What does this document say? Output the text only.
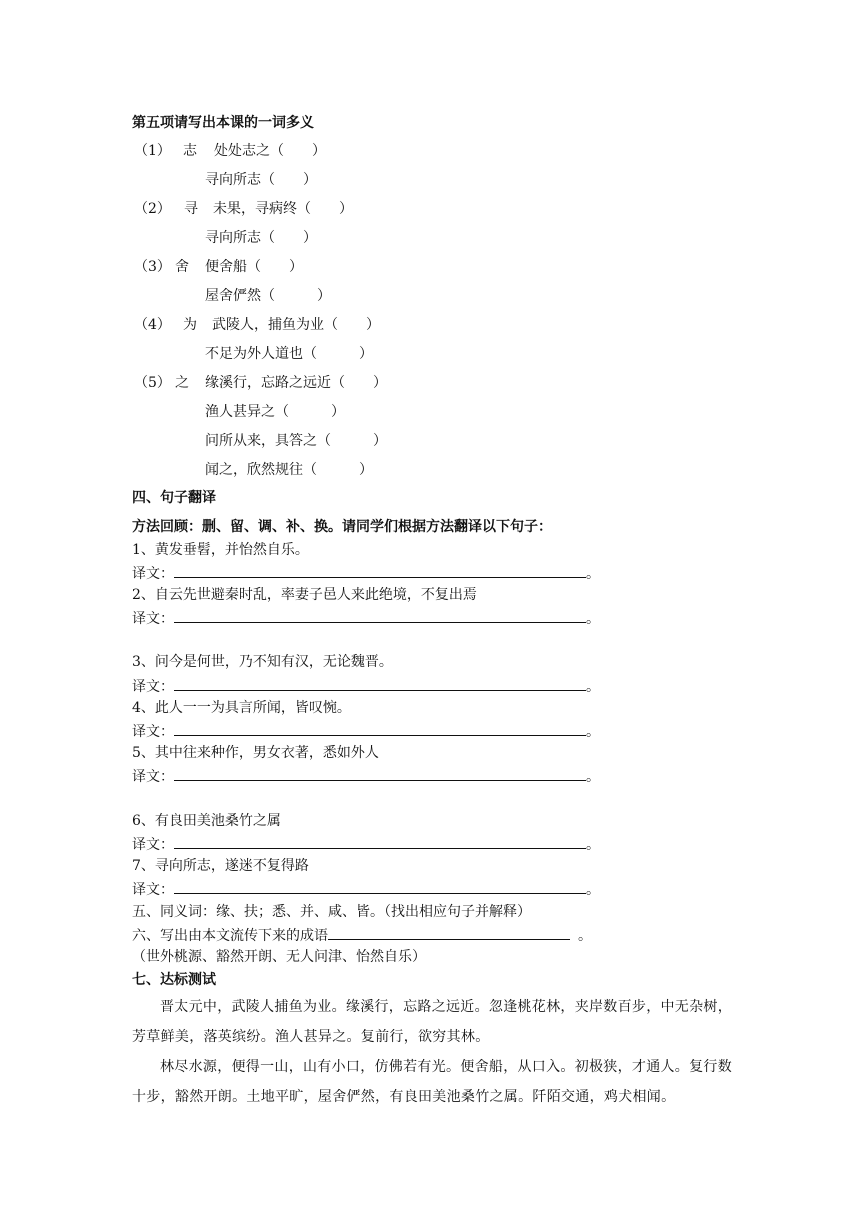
第五项请写出本课的一词多义
（1） 志 处处志之（　　）
寻向所志（　　）
（2） 寻 未果，寻病终（　　）
寻向所志（　　）
（3） 舍 便舍船（　　）
屋舍俨然（　　　）
（4） 为 武陵人，捕鱼为业（　　）
不足为外人道也（　　　）
（5） 之 缘溪行，忘路之远近（　　）
渔人甚异之（　　　）
问所从来，具答之（　　　）
闻之，欣然规往（　　　）
四、句子翻译
方法回顾：删、留、调、补、换。请同学们根据方法翻译以下句子：
1、黄发垂髫，并怡然自乐。
译文：	。
2、自云先世避秦时乱，率妻子邑人来此绝境，不复出焉
译文：	。
3、问今是何世，乃不知有汉，无论魏晋。
译文：	。
4、此人一一为具言所闻，皆叹惋。
译文：	。
5、其中往来种作，男女衣著，悉如外人
译文：	。
6、有良田美池桑竹之属
译文：	。
7、寻向所志，遂迷不复得路
译文：	。
五、同义词：缘、扶；悉、并、咸、皆。（找出相应句子并解释）
六、写出由本文流传下来的成语	。
（世外桃源、豁然开朗、无人问津、怡然自乐）
七、达标测试
晋太元中，武陵人捕鱼为业。缘溪行，忘路之远近。忽逢桃花林，夹岸数百步，中无杂树，芳草鲜美，落英缤纷。渔人甚异之。复前行，欲穷其林。
林尽水源，便得一山，山有小口，仿佛若有光。便舍船，从口入。初极狭，才通人。复行数十步，豁然开朗。土地平旷，屋舍俨然，有良田美池桑竹之属。阡陌交通，鸡犬相闻。
